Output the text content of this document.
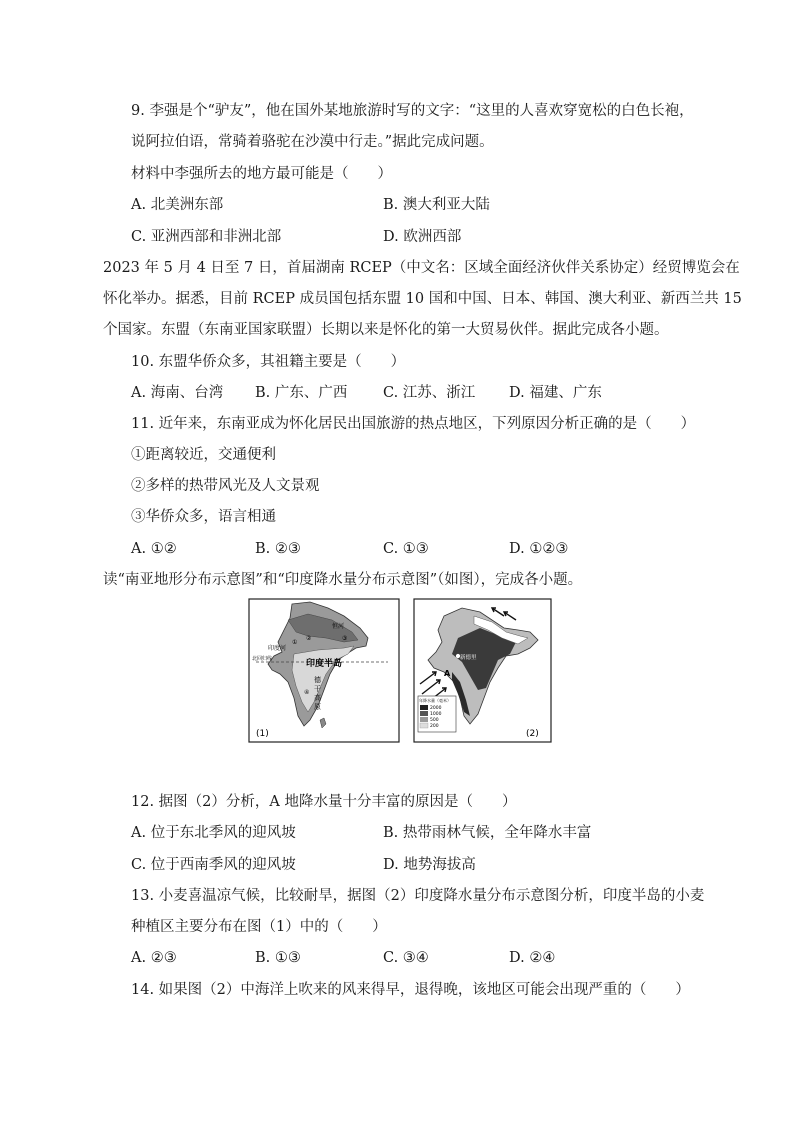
9. 李强是个“驴友”，他在国外某地旅游时写的文字：“这里的人喜欢穿宽松的白色长袍，
说阿拉伯语，常骑着骆驼在沙漠中行走。”据此完成问题。
材料中李强所去的地方最可能是（　　）
A. 北美洲东部	B. 澳大利亚大陆
C. 亚洲西部和非洲北部	D. 欧洲西部
2023 年 5 月 4 日至 7 日，首届湖南 RCEP（中文名：区域全面经济伙伴关系协定）经贸博览会在
怀化举办。据悉，目前 RCEP 成员国包括东盟 10 国和中国、日本、韩国、澳大利亚、新西兰共 15
个国家。东盟（东南亚国家联盟）长期以来是怀化的第一大贸易伙伴。据此完成各小题。
10. 东盟华侨众多，其祖籍主要是（　　）
A. 海南、台湾 B. 广东、广西 C. 江苏、浙江 D. 福建、广东
11. 近年来，东南亚成为怀化居民出国旅游的热点地区，下列原因分析正确的是（　　）
①距离较近，交通便利
②多样的热带风光及人文景观
③华侨众多，语言相通
A. ①②	B. ②③	C. ①③	D. ①②③
读“南亚地形分布示意图”和“印度降水量分布示意图”（如图），完成各小题。
恒河
印度河
北回归线	印度半岛
德
干
高
原
①
②	③
④
(1)
新德里
A
年降水量（毫米）
2000
1000
500
200
(2)
12. 据图（2）分析，A 地降水量十分丰富的原因是（　　）
A. 位于东北季风的迎风坡	B. 热带雨林气候，全年降水丰富
C. 位于西南季风的迎风坡	D. 地势海拔高
13. 小麦喜温凉气候，比较耐旱，据图（2）印度降水量分布示意图分析，印度半岛的小麦
种植区主要分布在图（1）中的（　　）
A. ②③	B. ①③	C. ③④	D. ②④
14. 如果图（2）中海洋上吹来的风来得早，退得晚，该地区可能会出现严重的（　　）
